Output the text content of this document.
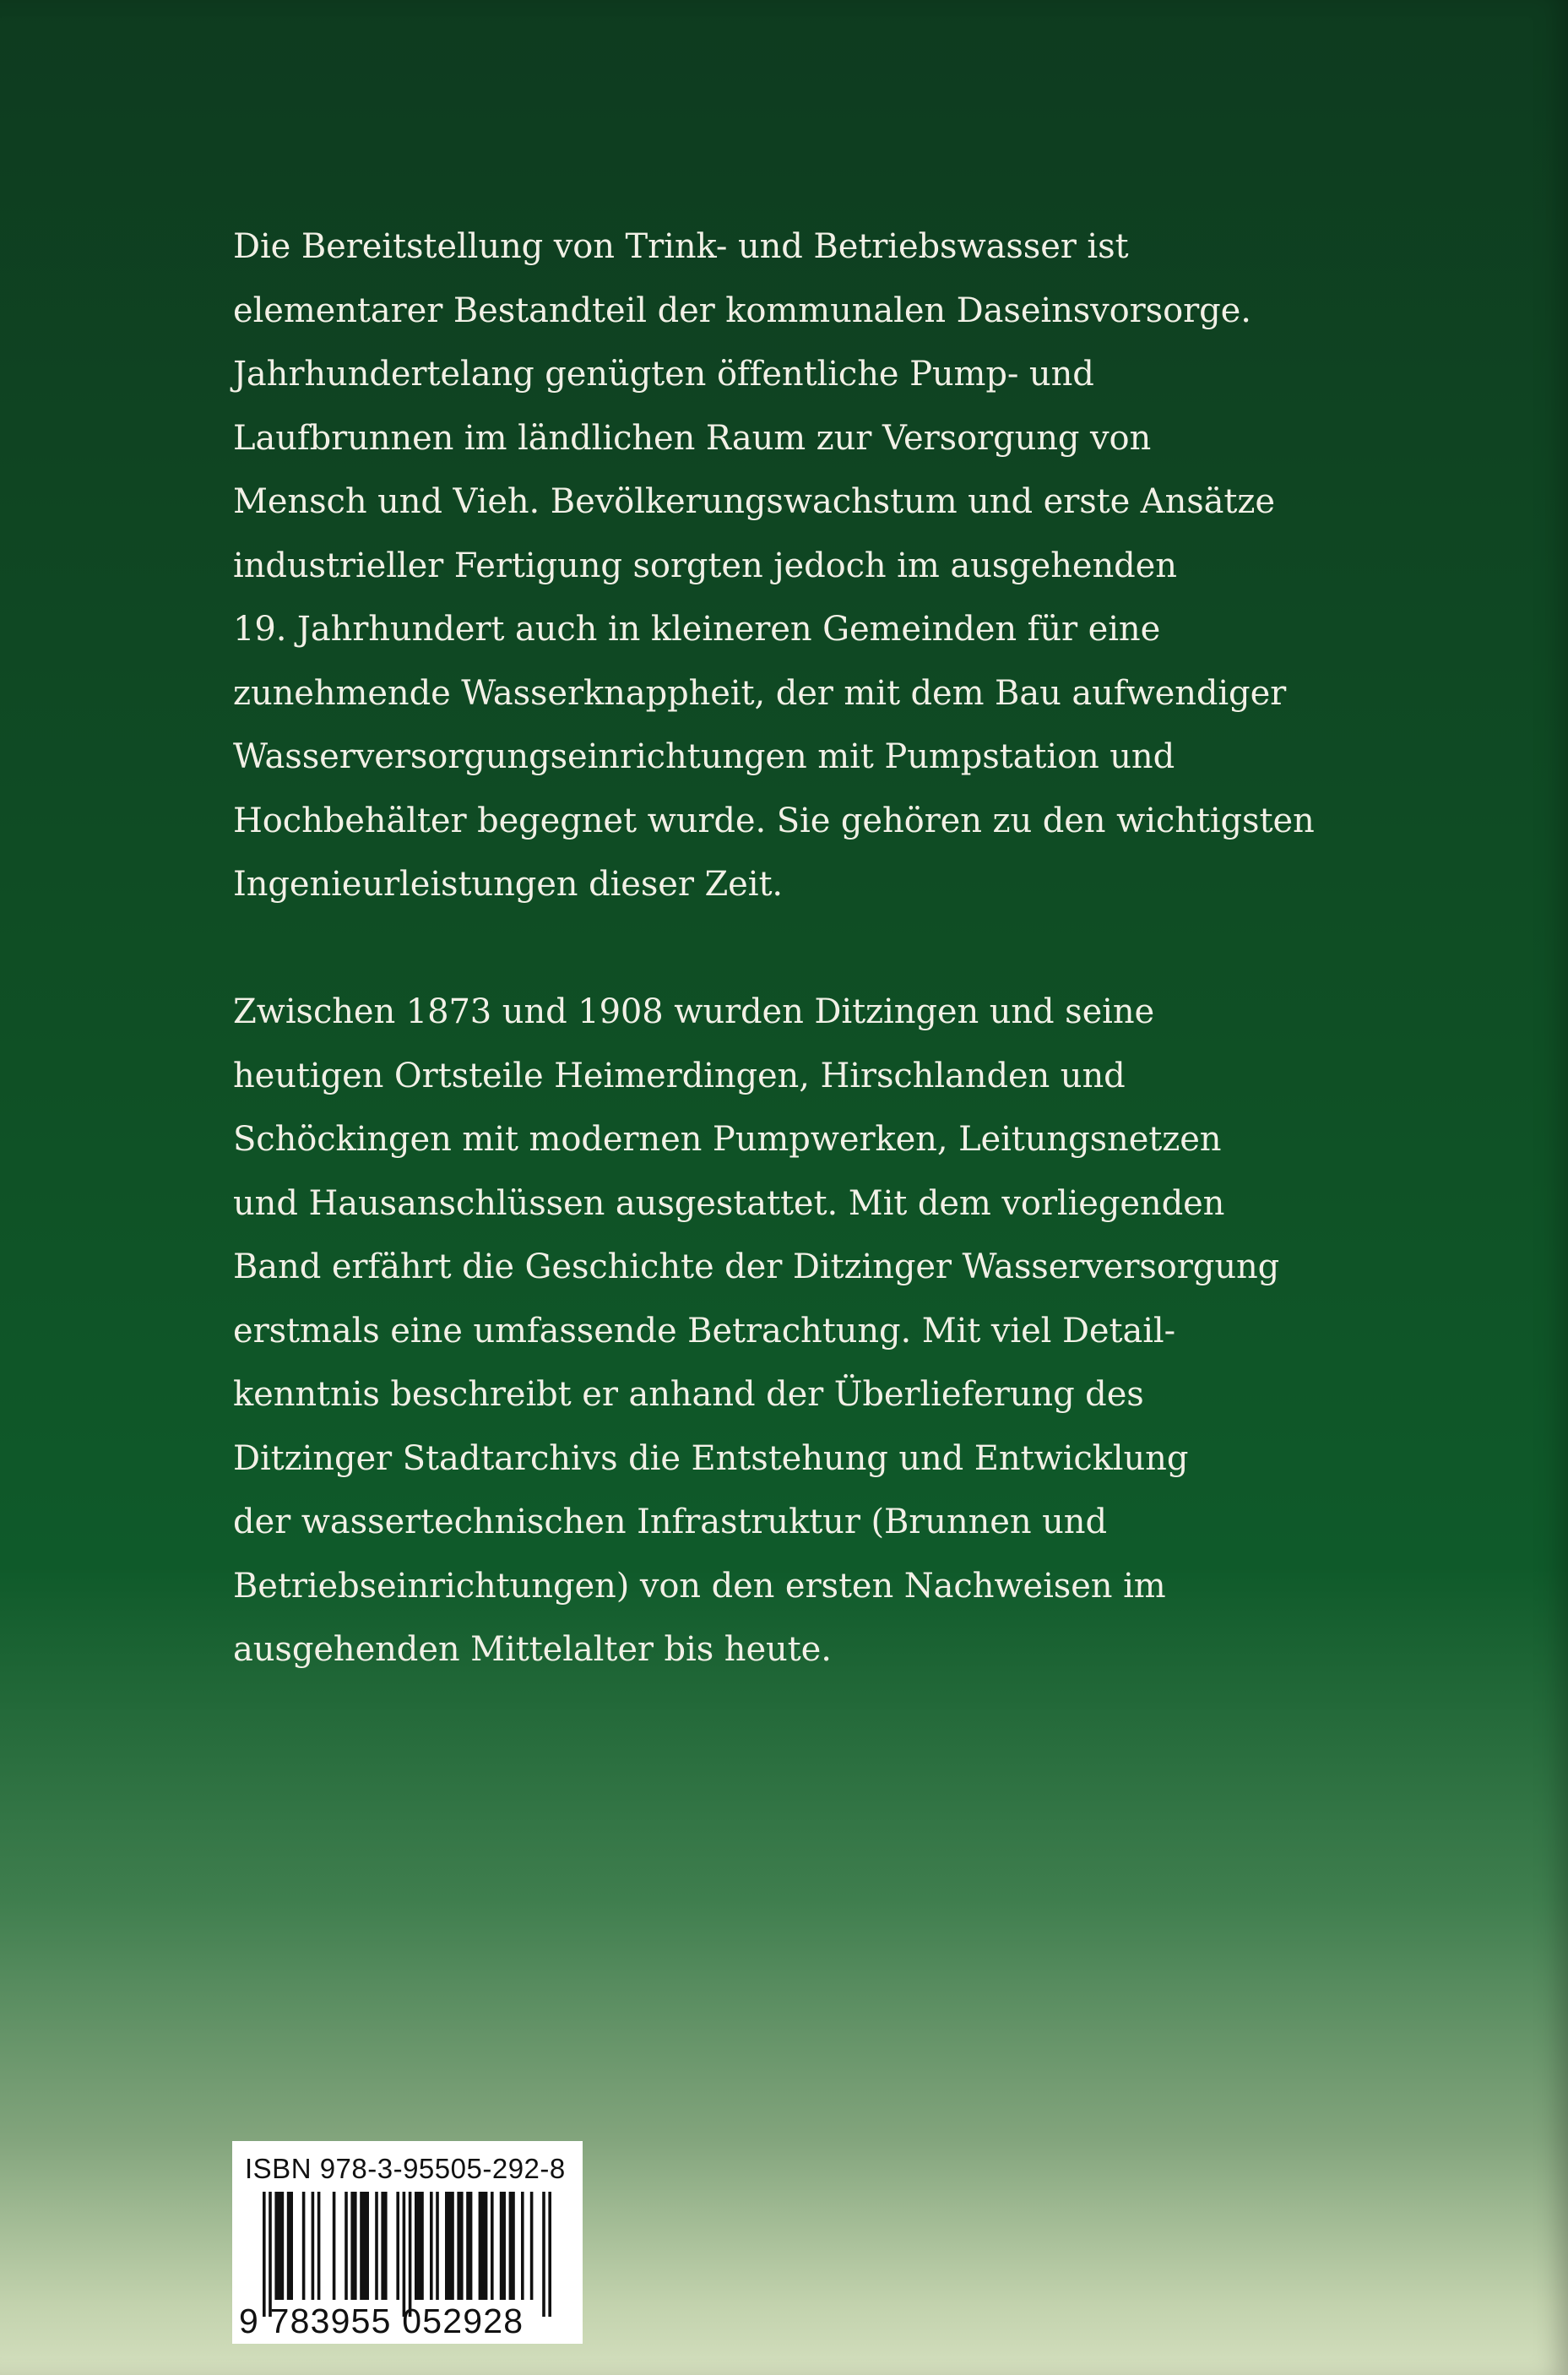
Die Bereitstellung von Trink- und Betriebswasser ist
elementarer Bestandteil der kommunalen Daseinsvorsorge.
Jahrhundertelang genügten öffentliche Pump- und
Laufbrunnen im ländlichen Raum zur Versorgung von
Mensch und Vieh. Bevölkerungswachstum und erste Ansätze
industrieller Fertigung sorgten jedoch im ausgehenden
19. Jahrhundert auch in kleineren Gemeinden für eine
zunehmende Wasserknappheit, der mit dem Bau aufwendiger
Wasserversorgungseinrichtungen mit Pumpstation und
Hochbehälter begegnet wurde. Sie gehören zu den wichtigsten
Ingenieurleistungen dieser Zeit.

Zwischen 1873 und 1908 wurden Ditzingen und seine
heutigen Ortsteile Heimerdingen, Hirschlanden und
Schöckingen mit modernen Pumpwerken, Leitungsnetzen
und Hausanschlüssen ausgestattet. Mit dem vorliegenden
Band erfährt die Geschichte der Ditzinger Wasserversorgung
erstmals eine umfassende Betrachtung. Mit viel Detail-
kenntnis beschreibt er anhand der Überlieferung des
Ditzinger Stadtarchivs die Entstehung und Entwicklung
der wassertechnischen Infrastruktur (Brunnen und
Betriebseinrichtungen) von den ersten Nachweisen im
ausgehenden Mittelalter bis heute.

ISBN 978-3-95505-292-8
9 783955 052928
